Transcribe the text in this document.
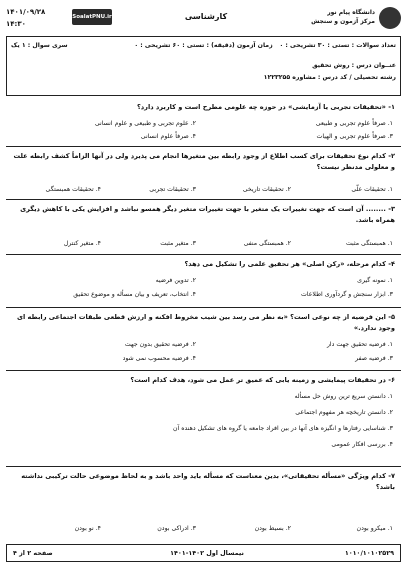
۱۴۰۱/۰۹/۲۸
۱۴:۳۰
SoalatPNU.ir	کارشناسی	دانشگاه پیام نور
مرکز آزمون و سنجش
تعداد سوالات : تستی : ۳۰ تشریحی : ۰
زمان آزمون (دقیقه) : تستی : ۶۰ تشریحی : ۰
سری سوال : ۱ یک
عنــوان درس : روش تحقیق
رشته تحصیلی / کد درس : مشاوره ۱۲۲۳۲۵۵
۱- «تحقیقات تجربی یا آزمایشی» در حوزه چه علومی مطرح است و کاربرد دارد؟
۱. صرفاً علوم تجربی و طبیعی
۲. علوم تجربی و طبیعی و علوم انسانی
۳. صرفاً علوم تجربی و الهیات
۴. صرفاً علوم انسانی
۲- کدام نوع تحقیقات برای کسب اطلاع از وجود رابطه بین متغیرها انجام می پذیرد ولی در آنها الزاماً کشف رابطه علت و معلولی مدنظر نیست؟
۱. تحقیقات علّی
۲. تحقیقات تاریخی
۳. تحقیقات تجربی
۴. تحقیقات همبستگی
۳- ........ آن است که جهت تغییرات یک متغیر با جهت تغییرات متغیر دیگر همسو نباشد و افزایش یکی با کاهش دیگری همراه باشد.
۱. همبستگی مثبت
۲. همبستگی منفی
۳. متغیر مثبت
۴. متغیر کنترل
۴- کدام مرحله، «رکن اصلی» هر تحقیق علمی را تشکیل می دهد؟
۱. نمونه گیری
۲. تدوین فرضیه
۳. ابزار سنجش و گردآوری اطلاعات
۴. انتخاب، تعریف و بیان مسأله و موضوع تحقیق
۵- این فرضیه از چه نوعی است؟ «به نظر می رسد بین شیب مخروط افکنه و ارزش قطعی طبقات اجتماعی رابطه ای وجود ندارد.»
۱. فرضیه تحقیق جهت دار
۲. فرضیه تحقیق بدون جهت
۳. فرضیه صفر
۴. فرضیه محسوب نمی شود
۶- در تحقیقات پیمایشی و زمینه یابی که عمیق تر عمل می شود، هدف کدام است؟
۱. دانستن سریع ترین روش حل مسأله
۲. دانستن تاریخچه هر مفهوم اجتماعی
۳. شناسایی رفتارها و انگیزه های آنها در بین افراد جامعه یا گروه های تشکیل دهنده آن
۴. بررسی افکار عمومی
۷- کدام ویژگی «مسأله تحقیقاتی»، بدین معناست که مسأله باید واحد باشد و به لحاظ موضوعی حالت ترکیبی نداشته باشد؟
۱. میکرو بودن
۲. بسیط بودن
۳. ادراکی بودن
۴. نو بودن
صفحه ۲ از ۴	نیمسال اول ۱۴۰۲-۱۴۰۱	۱۰۱۰/۱۰۱۰۲۵۲۹
